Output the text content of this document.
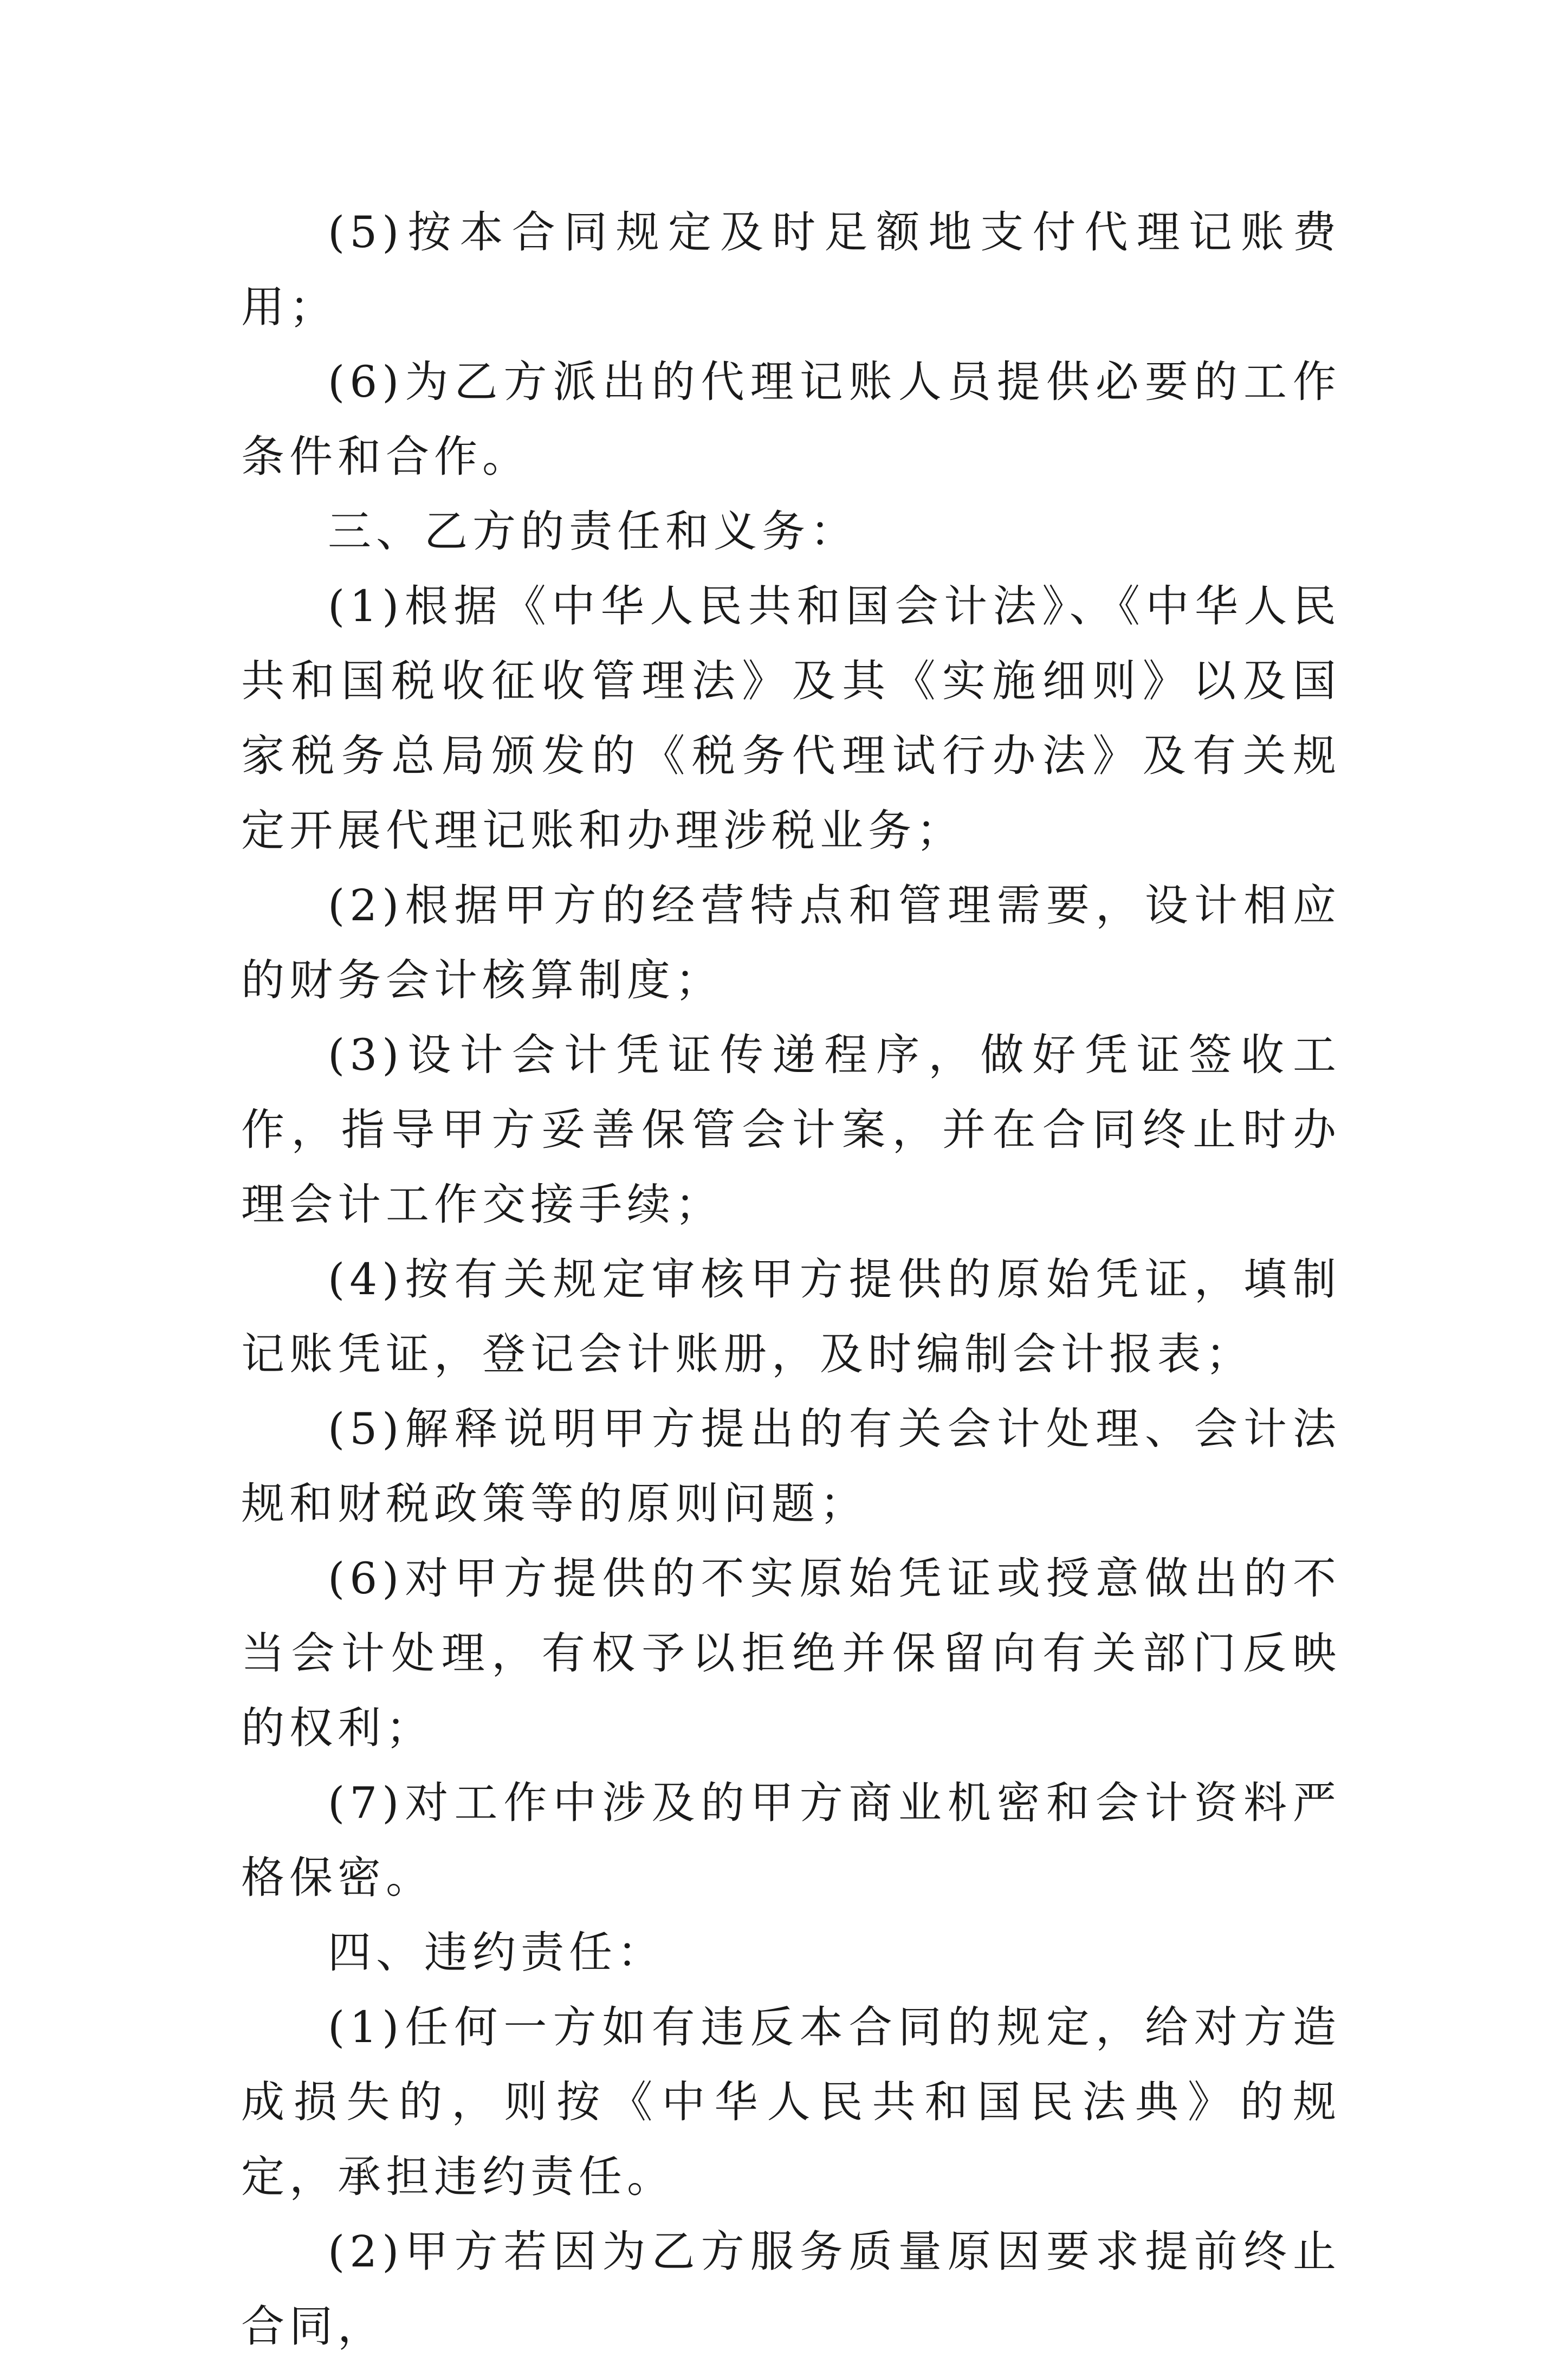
(5)按本合同规定及时足额地支付代理记账费用；

(6)为乙方派出的代理记账人员提供必要的工作条件和合作。

三、乙方的责任和义务：

(1)根据《中华人民共和国会计法》、《中华人民共和国税收征收管理法》及其《实施细则》以及国家税务总局颁发的《税务代理试行办法》及有关规定开展代理记账和办理涉税业务；

(2)根据甲方的经营特点和管理需要，设计相应的财务会计核算制度；

(3)设计会计凭证传递程序，做好凭证签收工作，指导甲方妥善保管会计案，并在合同终止时办理会计工作交接手续；

(4)按有关规定审核甲方提供的原始凭证，填制记账凭证，登记会计账册，及时编制会计报表；

(5)解释说明甲方提出的有关会计处理、会计法规和财税政策等的原则问题；

(6)对甲方提供的不实原始凭证或授意做出的不当会计处理，有权予以拒绝并保留向有关部门反映的权利；

(7)对工作中涉及的甲方商业机密和会计资料严格保密。

四、违约责任：

(1)任何一方如有违反本合同的规定，给对方造成损失的，则按《中华人民共和国民法典》的规定，承担违约责任。

(2)甲方若因为乙方服务质量原因要求提前终止合同，
